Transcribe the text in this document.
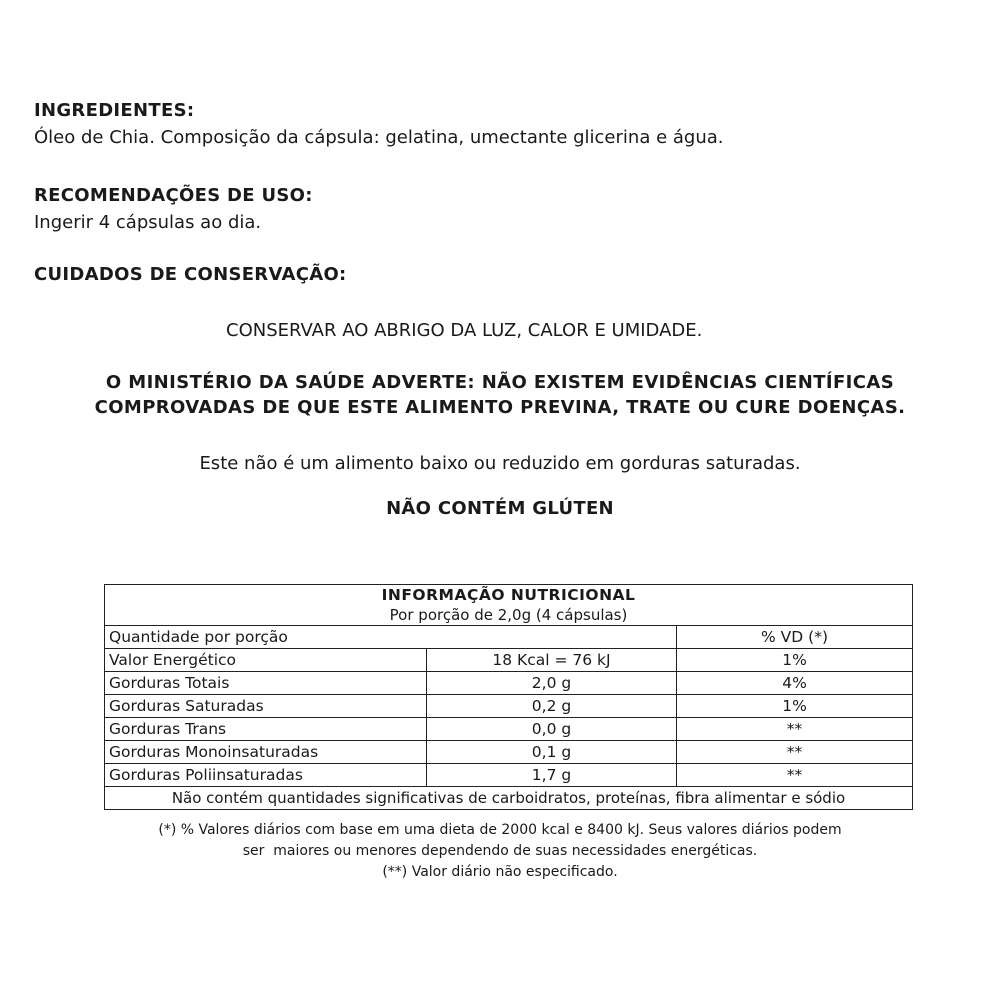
INGREDIENTES:
Óleo de Chia. Composição da cápsula: gelatina, umectante glicerina e água.
RECOMENDAÇÕES DE USO:
Ingerir 4 cápsulas ao dia.
CUIDADOS DE CONSERVAÇÃO:
CONSERVAR AO ABRIGO DA LUZ, CALOR E UMIDADE.
O MINISTÉRIO DA SAÚDE ADVERTE: NÃO EXISTEM EVIDÊNCIAS CIENTÍFICAS
COMPROVADAS DE QUE ESTE ALIMENTO PREVINA, TRATE OU CURE DOENÇAS.
Este não é um alimento baixo ou reduzido em gorduras saturadas.
NÃO CONTÉM GLÚTEN
INFORMAÇÃO NUTRICIONAL
Por porção de 2,0g (4 cápsulas)		

Quantidade por porção		% VD (*)
Valor Energético	18 Kcal = 76 kJ	1%
Gorduras Totais	2,0 g	4%
Gorduras Saturadas	0,2 g	1%
Gorduras Trans	0,0 g	**
Gorduras Monoinsaturadas	0,1 g	**
Gorduras Poliinsaturadas	1,7 g	**
Não contém quantidades significativas de carboidratos, proteínas, fibra alimentar e sódio		
(*) % Valores diários com base em uma dieta de 2000 kcal e 8400 kJ. Seus valores diários podem
ser  maiores ou menores dependendo de suas necessidades energéticas.
(**) Valor diário não especificado.
